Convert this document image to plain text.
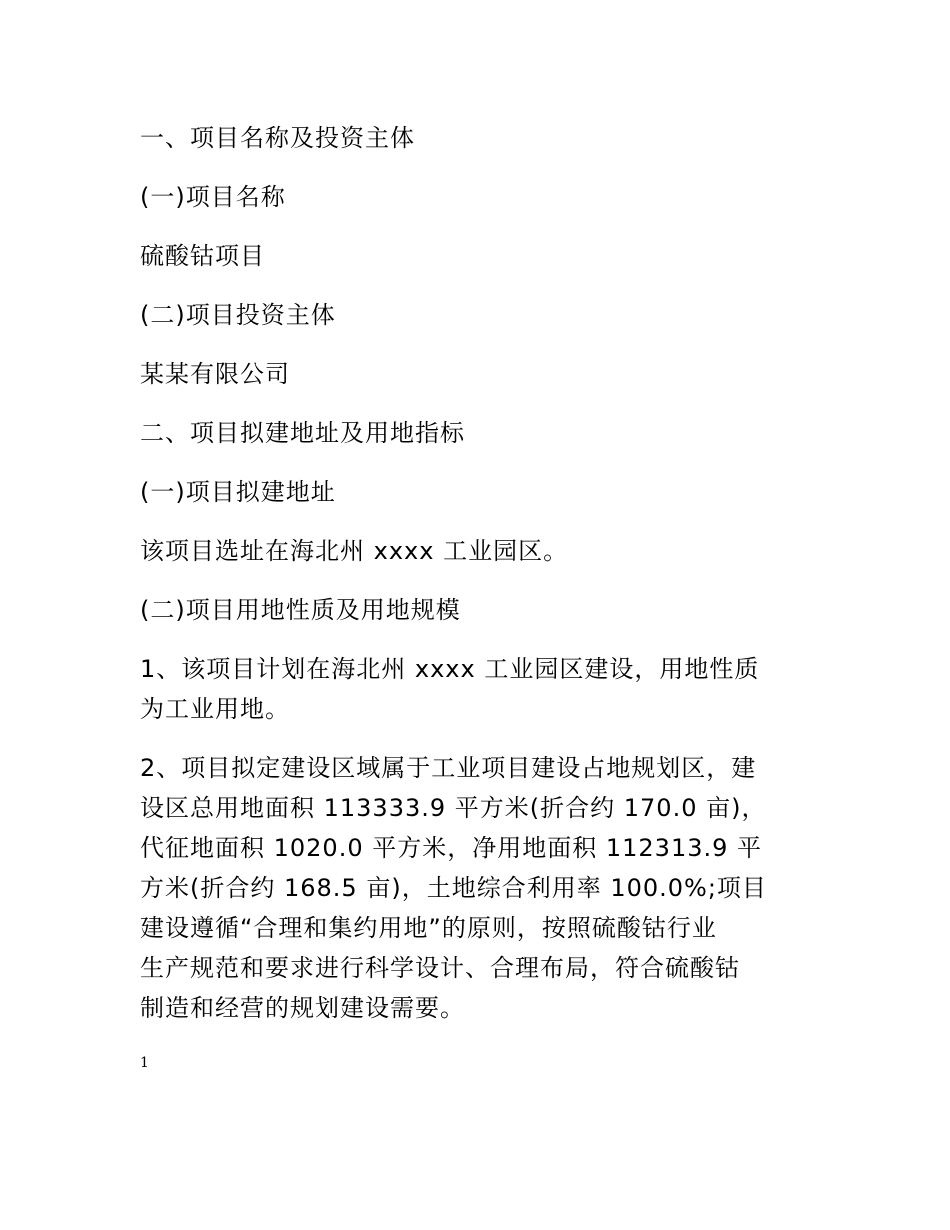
一、项目名称及投资主体
(一)项目名称
硫酸钴项目
(二)项目投资主体
某某有限公司
二、项目拟建地址及用地指标
(一)项目拟建地址
该项目选址在海北州 xxxx 工业园区。
(二)项目用地性质及用地规模
1、该项目计划在海北州 xxxx 工业园区建设，用地性质
为工业用地。
2、项目拟定建设区域属于工业项目建设占地规划区，建
设区总用地面积 113333.9 平方米(折合约 170.0 亩)，
代征地面积 1020.0 平方米，净用地面积 112313.9 平
方米(折合约 168.5 亩)，土地综合利用率 100.0%;项目
建设遵循“合理和集约用地”的原则，按照硫酸钴行业
生产规范和要求进行科学设计、合理布局，符合硫酸钴
制造和经营的规划建设需要。
1
